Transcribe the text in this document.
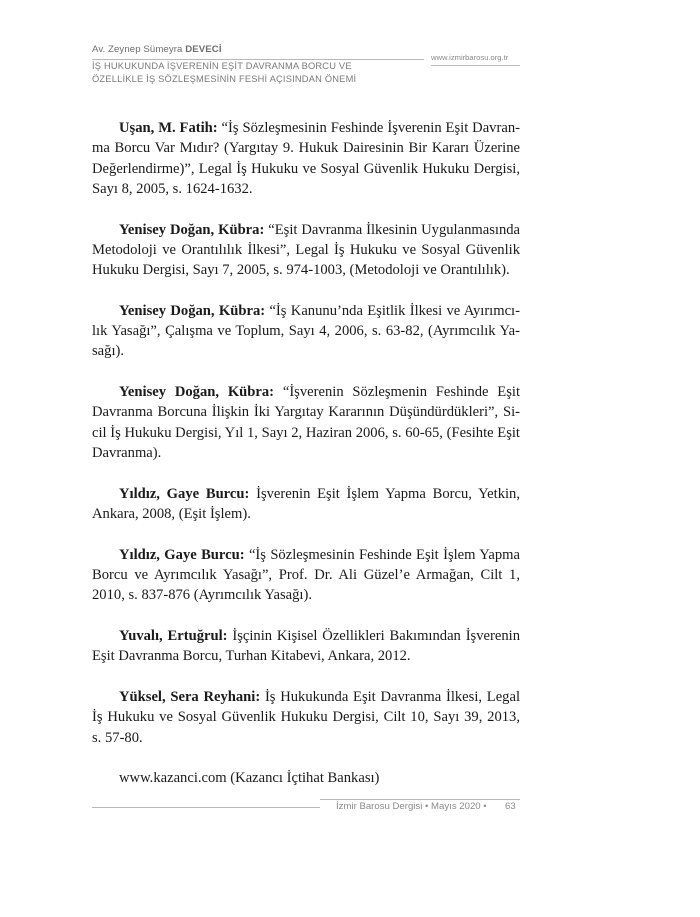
Av. Zeynep Sümeyra DEVECİ
www.izmirbarosu.org.tr
İŞ HUKUKUNDA İŞVERENİN EŞİT DAVRANMA BORCU VE
ÖZELLİKLE İŞ SÖZLEŞMESİNİN FESHİ AÇISINDAN ÖNEMİ

Uşan, M. Fatih: “İş Sözleşmesinin Feshinde İşverenin Eşit Davranma Borcu Var Mıdır? (Yargıtay 9. Hukuk Dairesinin Bir Kararı Üzerine Değerlendirme)”, Legal İş Hukuku ve Sosyal Güvenlik Hukuku Dergisi, Sayı 8, 2005, s. 1624-1632.

Yenisey Doğan, Kübra: “Eşit Davranma İlkesinin Uygulanmasında Metodoloji ve Orantılılık İlkesi”, Legal İş Hukuku ve Sosyal Güvenlik Hukuku Dergisi, Sayı 7, 2005, s. 974-1003, (Metodoloji ve Orantılılık).

Yenisey Doğan, Kübra: “İş Kanunu’nda Eşitlik İlkesi ve Ayırımcılık Yasağı”, Çalışma ve Toplum, Sayı 4, 2006, s. 63-82, (Ayrımcılık Yasağı).

Yenisey Doğan, Kübra: “İşverenin Sözleşmenin Feshinde Eşit Davranma Borcuna İlişkin İki Yargıtay Kararının Düşündürdükleri”, Sicil İş Hukuku Dergisi, Yıl 1, Sayı 2, Haziran 2006, s. 60-65, (Fesihte Eşit Davranma).

Yıldız, Gaye Burcu: İşverenin Eşit İşlem Yapma Borcu, Yetkin, Ankara, 2008, (Eşit İşlem).

Yıldız, Gaye Burcu: “İş Sözleşmesinin Feshinde Eşit İşlem Yapma Borcu ve Ayrımcılık Yasağı”, Prof. Dr. Ali Güzel’e Armağan, Cilt 1, 2010, s. 837-876 (Ayrımcılık Yasağı).

Yuvalı, Ertuğrul: İşçinin Kişisel Özellikleri Bakımından İşverenin Eşit Davranma Borcu, Turhan Kitabevi, Ankara, 2012.

Yüksel, Sera Reyhani: İş Hukukunda Eşit Davranma İlkesi, Legal İş Hukuku ve Sosyal Güvenlik Hukuku Dergisi, Cilt 10, Sayı 39, 2013, s. 57-80.

www.kazanci.com (Kazancı İçtihat Bankası)

İzmir Barosu Dergisi • Mayıs 2020 • 63
